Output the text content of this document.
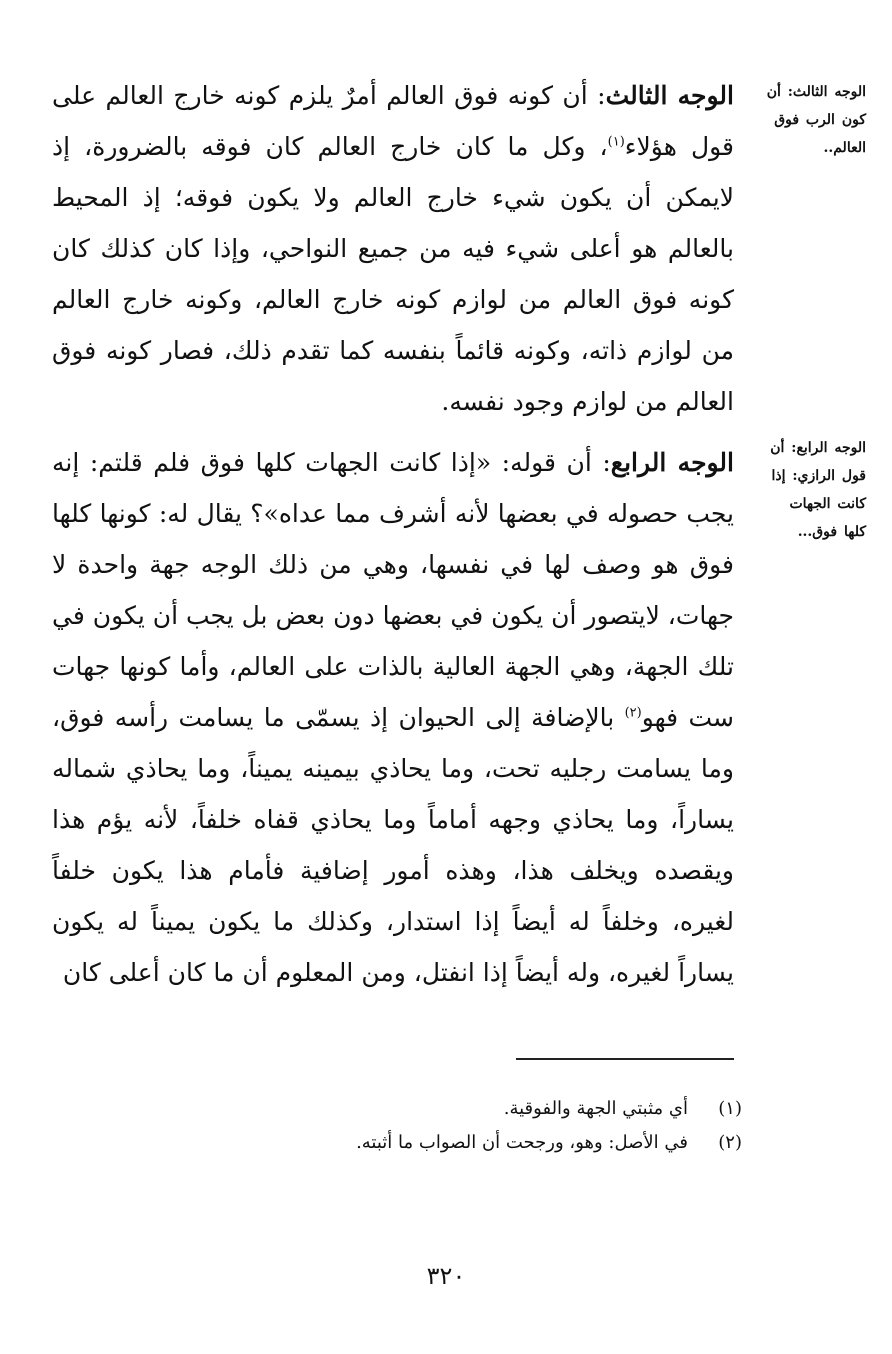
الوجه الثالث: أن كون الرب فوق العالم..
الوجه الرابع: أن قول الرازي: إذا كانت الجهات كلها فوق...

الوجه الثالث: أن كونه فوق العالم أمرٌ يلزم كونه خارج العالم على قول هؤلاء$^{(١)}$، وكل ما كان خارج العالم كان فوقه بالضرورة، إذ لايمكن أن يكون شيء خارج العالم ولا يكون فوقه؛ إذ المحيط بالعالم هو أعلى شيء فيه من جميع النواحي، وإذا كان كذلك كان كونه فوق العالم من لوازم كونه خارج العالم، وكونه خارج العالم من لوازم ذاته، وكونه قائماً بنفسه كما تقدم ذلك، فصار كونه فوق العالم من لوازم وجود نفسه.

الوجه الرابع: أن قوله: «إذا كانت الجهات كلها فوق فلم قلتم: إنه يجب حصوله في بعضها لأنه أشرف مما عداه»؟ يقال له: كونها كلها فوق هو وصف لها في نفسها، وهي من ذلك الوجه جهة واحدة لا جهات، لايتصور أن يكون في بعضها دون بعض بل يجب أن يكون في تلك الجهة، وهي الجهة العالية بالذات على العالم، وأما كونها جهات ست فهو$^{(٢)}$ بالإضافة إلى الحيوان إذ يسمّى ما يسامت رأسه فوق، وما يسامت رجليه تحت، وما يحاذي بيمينه يميناً، وما يحاذي شماله يساراً، وما يحاذي وجهه أماماً وما يحاذي قفاه خلفاً، لأنه يؤم هذا ويقصده ويخلف هذا، وهذه أمور إضافية فأمام هذا يكون خلفاً لغيره، وخلفاً له أيضاً إذا استدار، وكذلك ما يكون يميناً له يكون يساراً لغيره، وله أيضاً إذا انفتل، ومن المعلوم أن ما كان أعلى كان

(١)
أي مثبتي الجهة والفوقية.
(٢)
في الأصل: وهو، ورجحت أن الصواب ما أثبته.
٣٢٠
